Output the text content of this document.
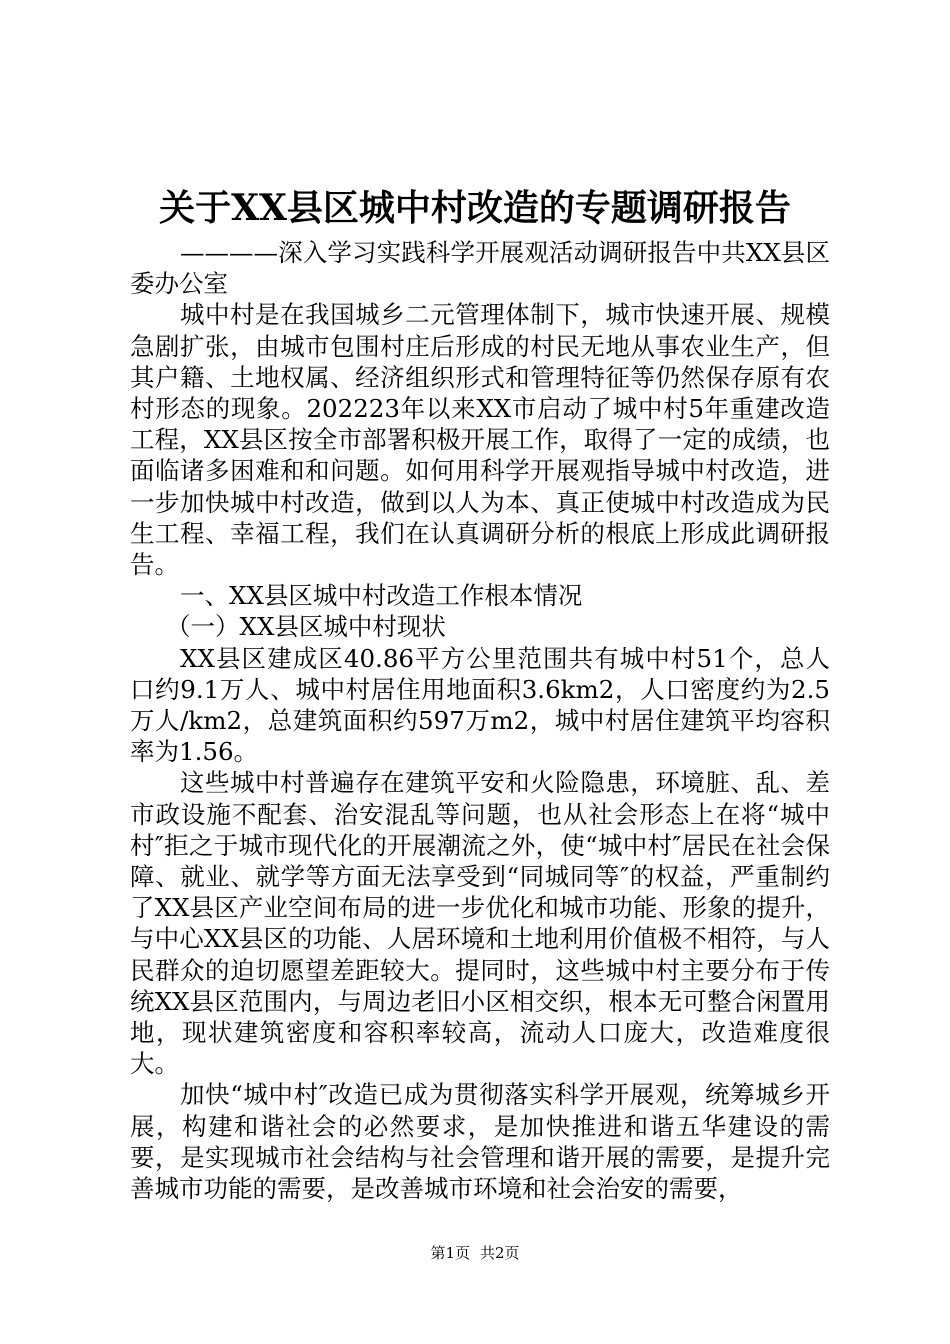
关于XX县区城中村改造的专题调研报告

————深入学习实践科学开展观活动调研报告中共XX县区委办公室

城中村是在我国城乡二元管理体制下，城市快速开展、规模急剧扩张，由城市包围村庄后形成的村民无地从事农业生产，但其户籍、土地权属、经济组织形式和管理特征等仍然保存原有农村形态的现象。202223年以来XX市启动了城中村5年重建改造工程，XX县区按全市部署积极开展工作，取得了一定的成绩，也面临诸多困难和和问题。如何用科学开展观指导城中村改造，进一步加快城中村改造，做到以人为本、真正使城中村改造成为民生工程、幸福工程，我们在认真调研分析的根底上形成此调研报告。

一、XX县区城中村改造工作根本情况

（一）XX县区城中村现状

XX县区建成区40.86平方公里范围共有城中村51个，总人口约9.1万人、城中村居住用地面积3.6km2，人口密度约为2.5万人/km2，总建筑面积约597万m2，城中村居住建筑平均容积率为1.56。

这些城中村普遍存在建筑平安和火险隐患，环境脏、乱、差市政设施不配套、治安混乱等问题，也从社会形态上在将“城中村″拒之于城市现代化的开展潮流之外，使“城中村″居民在社会保障、就业、就学等方面无法享受到“同城同等″的权益，严重制约了XX县区产业空间布局的进一步优化和城市功能、形象的提升，与中心XX县区的功能、人居环境和土地利用价值极不相符，与人民群众的迫切愿望差距较大。提同时，这些城中村主要分布于传统XX县区范围内，与周边老旧小区相交织，根本无可整合闲置用地，现状建筑密度和容积率较高，流动人口庞大，改造难度很大。

加快“城中村″改造已成为贯彻落实科学开展观，统筹城乡开展，构建和谐社会的必然要求，是加快推进和谐五华建设的需要，是实现城市社会结构与社会管理和谐开展的需要，是提升完善城市功能的需要，是改善城市环境和社会治安的需要，

第1页 共2页
